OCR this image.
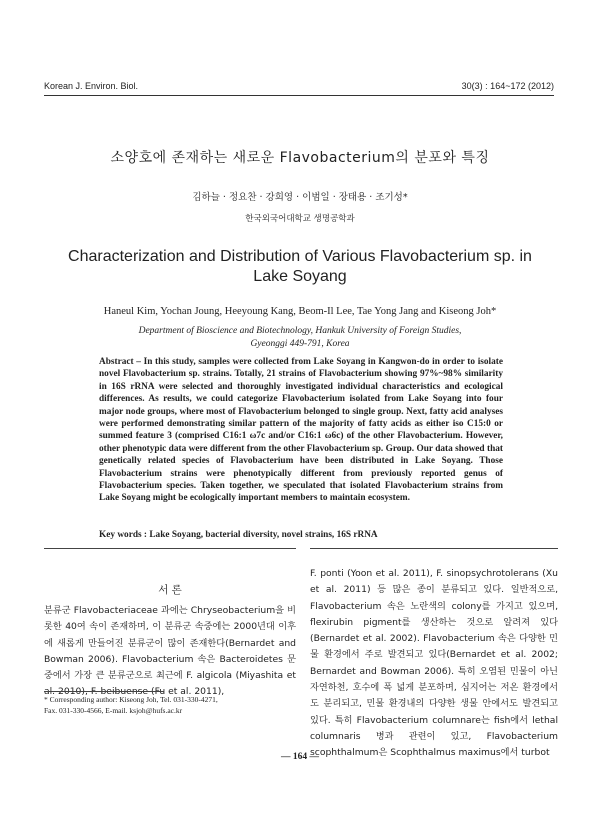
Korean J. Environ. Biol.	30(3) : 164~172 (2012)
소양호에 존재하는 새로운 Flavobacterium의 분포와 특징
김하늘 · 정요찬 · 강희영 · 이범일 · 장태용 · 조기성*
한국외국어대학교 생명공학과
Characterization and Distribution of Various Flavobacterium sp. in Lake Soyang
Haneul Kim, Yochan Joung, Heeyoung Kang, Beom-Il Lee, Tae Yong Jang and Kiseong Joh*
Department of Bioscience and Biotechnology, Hankuk University of Foreign Studies,
Gyeonggi 449-791, Korea
Abstract – In this study, samples were collected from Lake Soyang in Kangwon-do in order to isolate novel Flavobacterium sp. strains. Totally, 21 strains of Flavobacterium showing 97%~98% similarity in 16S rRNA were selected and thoroughly investigated individual characteristics and ecological differences. As results, we could categorize Flavobacterium isolated from Lake Soyang into four major node groups, where most of Flavobacterium belonged to single group. Next, fatty acid analyses were performed demonstrating similar pattern of the majority of fatty acids as either iso C15:0 or summed feature 3 (comprised C16:1 ω7c and/or C16:1 ω6c) of the other Flavobacterium. However, other phenotypic data were different from the other Flavobacterium sp. Group. Our data showed that genetically related species of Flavobacterium have been distributed in Lake Soyang. Those Flavobacterium strains were phenotypically different from previously reported genus of Flavobacterium species. Taken together, we speculated that isolated Flavobacterium strains from Lake Soyang might be ecologically important members to maintain ecosystem.
Key words : Lake Soyang, bacterial diversity, novel strains, 16S rRNA
서 론
분류군 Flavobacteriaceae 과에는 Chryseobacterium을 비롯한 40여 속이 존재하며, 이 분류군 속중에는 2000년대 이후에 새롭게 만들어진 분류군이 많이 존재한다(Bernardet and Bowman 2006). Flavobacterium 속은 Bacteroidetes 문 중에서 가장 큰 분류군으로 최근에 F. algicola (Miyashita et al. 2010), F. beibuense (Fu et al. 2011),
F. ponti (Yoon et al. 2011), F. sinopsychrotolerans (Xu et al. 2011) 등 많은 종이 분류되고 있다. 일반적으로, Flavobacterium 속은 노란색의 colony를 가지고 있으며, flexirubin pigment를 생산하는 것으로 알려져 있다(Bernardet et al. 2002). Flavobacterium 속은 다양한 민물 환경에서 주로 발견되고 있다(Bernardet et al. 2002; Bernardet and Bowman 2006). 특히 오염된 민물이 아닌 자연하천, 호수에 폭 넓게 분포하며, 심지어는 저온 환경에서도 분리되고, 민물 환경내의 다양한 생물 안에서도 발견되고 있다. 특히 Flavobacterium columnare는 fish에서 lethal columnaris 병과 관련이 있고, Flavobacterium scophthalmum은 Scophthalmus maximus에서 turbot
* Corresponding author: Kiseong Joh, Tel. 031-330-4271,
Fax. 031-330-4566, E-mail. ksjoh@hufs.ac.kr
— 164 —
